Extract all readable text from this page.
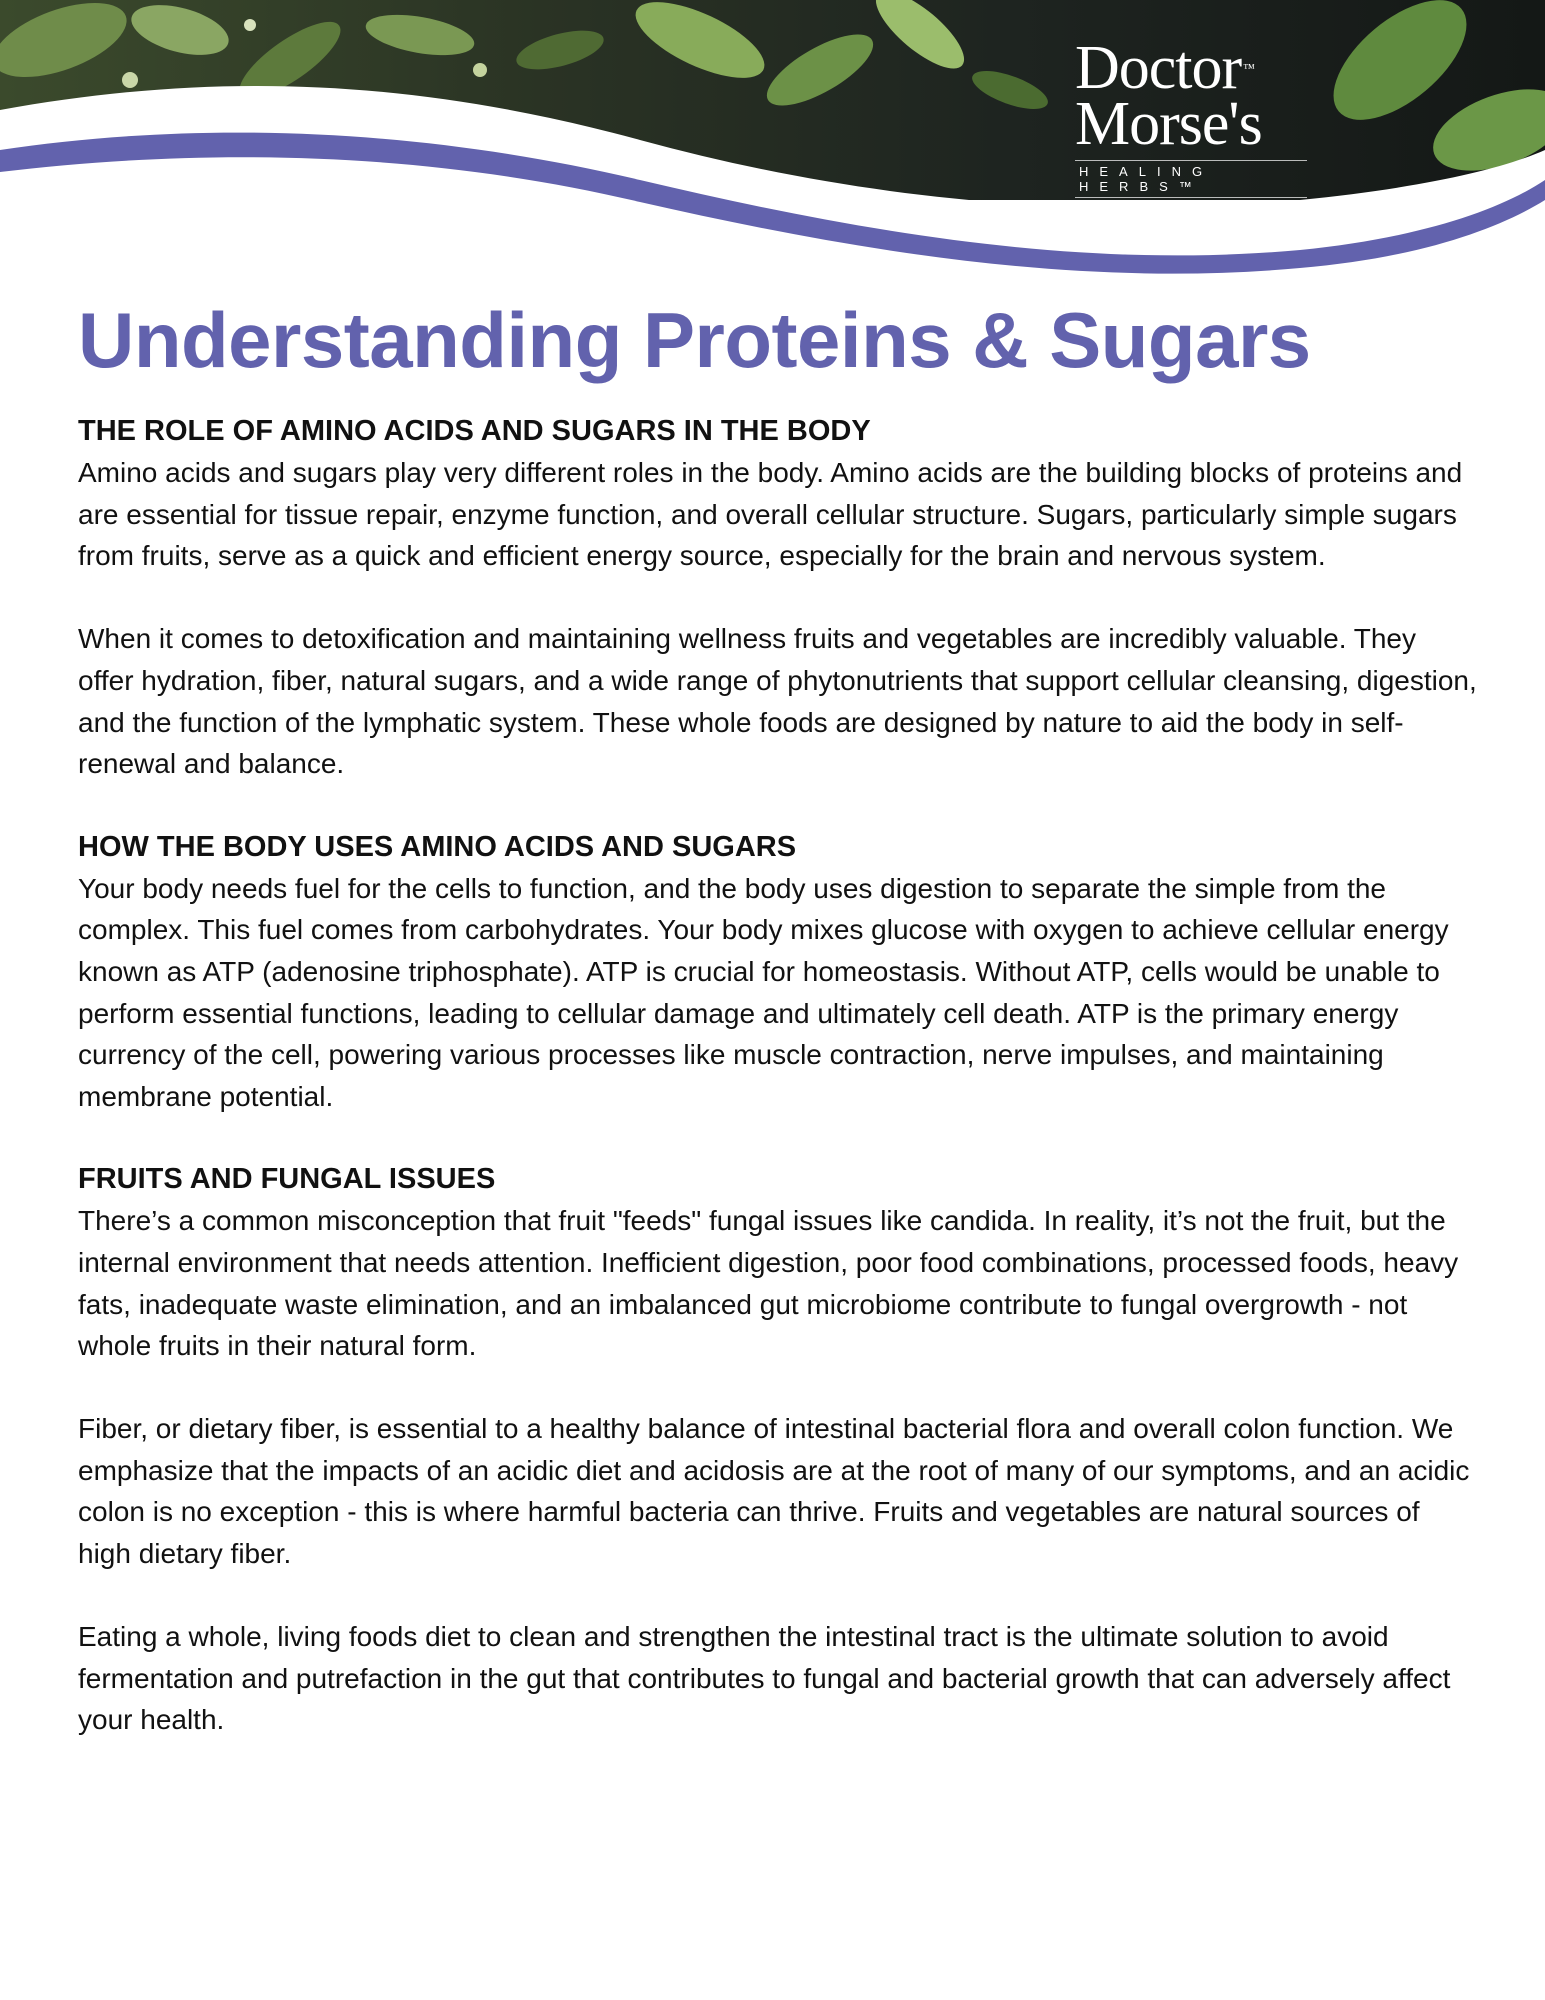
Doctor ™
Morse's
HEALING HERBS™
Understanding Proteins & Sugars
THE ROLE OF AMINO ACIDS AND SUGARS IN THE BODY

Amino acids and sugars play very different roles in the body. Amino acids are the building blocks of proteins and are essential for tissue repair, enzyme function, and overall cellular structure. Sugars, particularly simple sugars from fruits, serve as a quick and efficient energy source, especially for the brain and nervous system.

When it comes to detoxification and maintaining wellness fruits and vegetables are incredibly valuable. They offer hydration, fiber, natural sugars, and a wide range of phytonutrients that support cellular cleansing, digestion, and the function of the lymphatic system. These whole foods are designed by nature to aid the body in self-renewal and balance.

HOW THE BODY USES AMINO ACIDS AND SUGARS

Your body needs fuel for the cells to function, and the body uses digestion to separate the simple from the complex. This fuel comes from carbohydrates. Your body mixes glucose with oxygen to achieve cellular energy known as ATP (adenosine triphosphate). ATP is crucial for homeostasis. Without ATP, cells would be unable to perform essential functions, leading to cellular damage and ultimately cell death. ATP is the primary energy currency of the cell, powering various processes like muscle contraction, nerve impulses, and maintaining membrane potential.

FRUITS AND FUNGAL ISSUES

There’s a common misconception that fruit "feeds" fungal issues like candida. In reality, it’s not the fruit, but the internal environment that needs attention. Inefficient digestion, poor food combinations, processed foods, heavy fats, inadequate waste elimination, and an imbalanced gut microbiome contribute to fungal overgrowth - not whole fruits in their natural form.

Fiber, or dietary fiber, is essential to a healthy balance of intestinal bacterial flora and overall colon function. We emphasize that the impacts of an acidic diet and acidosis are at the root of many of our symptoms, and an acidic colon is no exception - this is where harmful bacteria can thrive. Fruits and vegetables are natural sources of high dietary fiber.

Eating a whole, living foods diet to clean and strengthen the intestinal tract is the ultimate solution to avoid fermentation and putrefaction in the gut that contributes to fungal and bacterial growth that can adversely affect your health.
